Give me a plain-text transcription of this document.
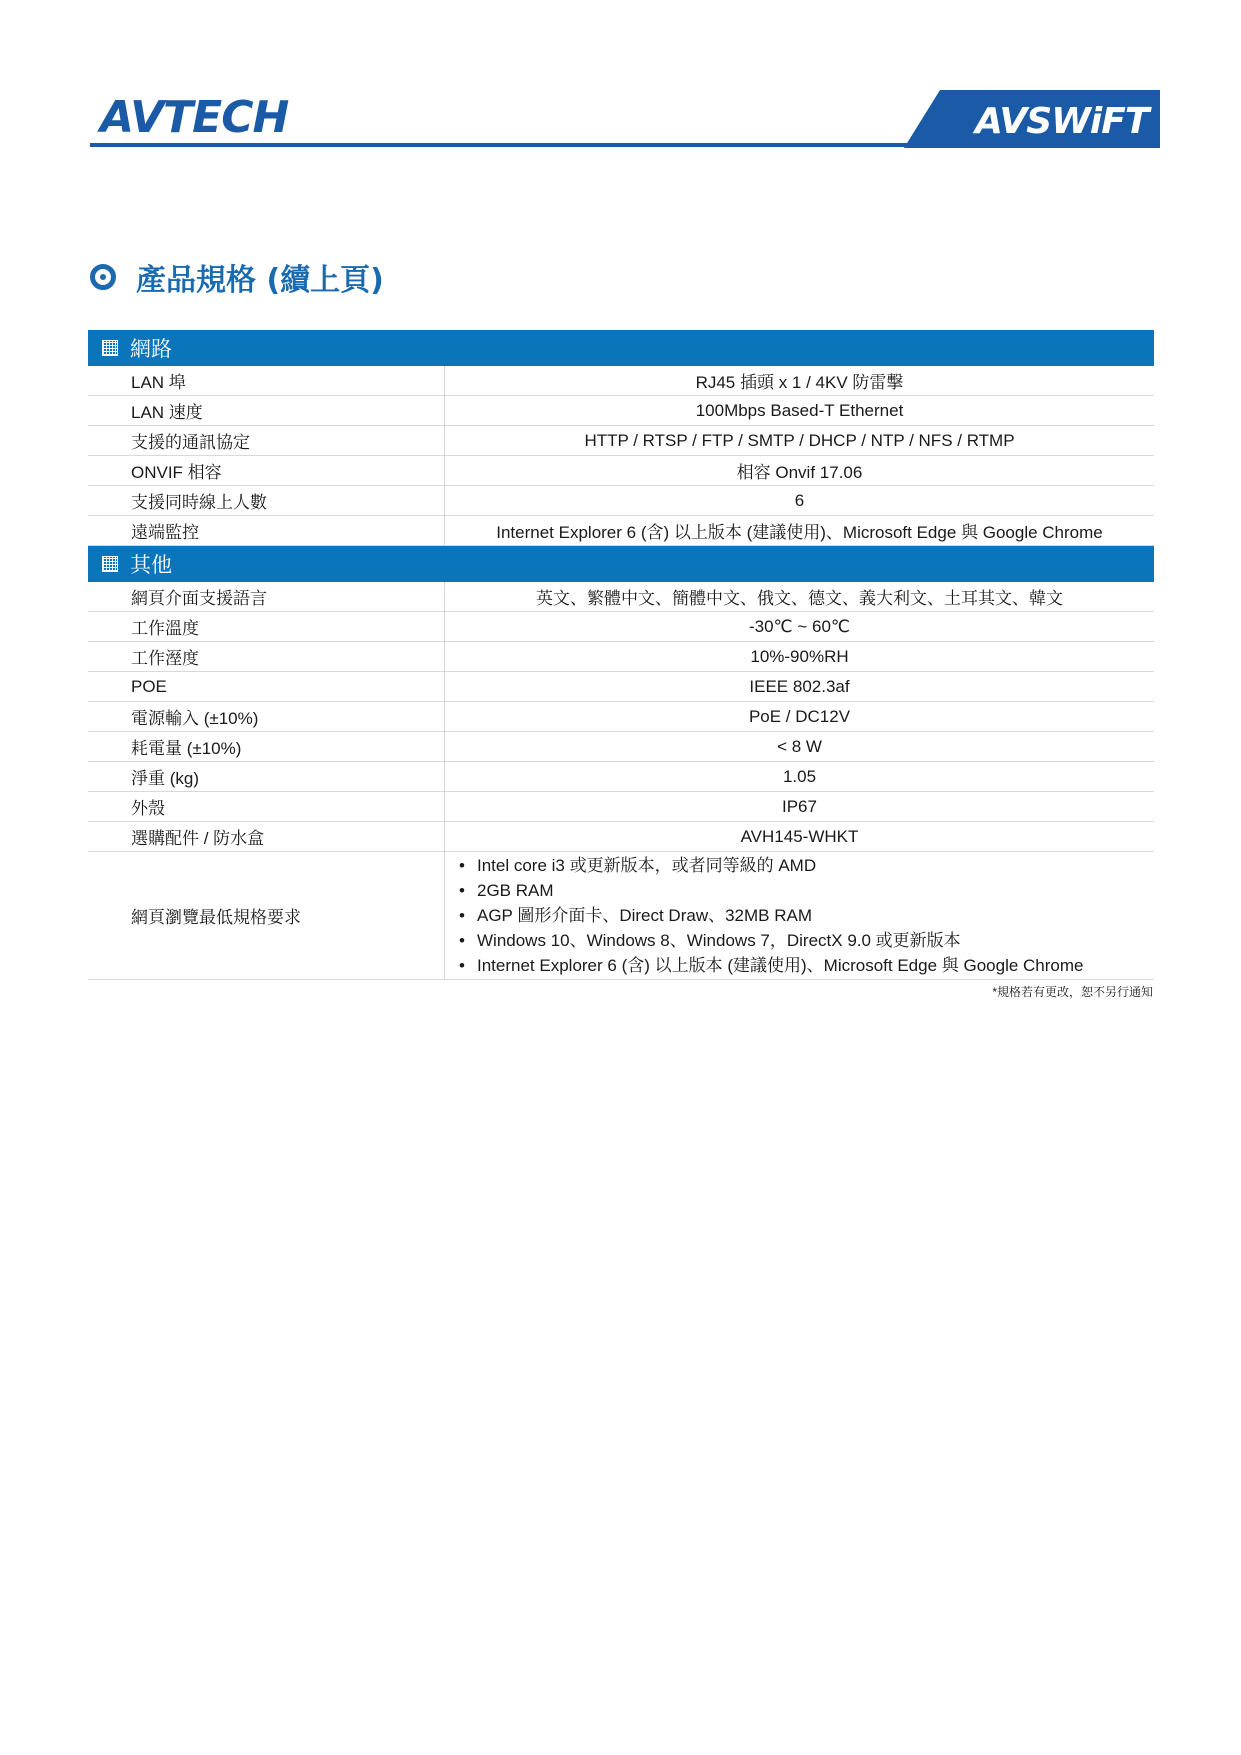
AVTECH	AVSWiFT
產品規格 (續上頁)
網路
LAN 埠	RJ45 插頭 x 1 / 4KV 防雷擊
LAN 速度	100Mbps Based-T Ethernet
支援的通訊協定	HTTP / RTSP / FTP / SMTP / DHCP / NTP / NFS / RTMP
ONVIF 相容	相容 Onvif 17.06
支援同時線上人數	6
遠端監控	Internet Explorer 6 (含) 以上版本 (建議使用)、Microsoft Edge 與 Google Chrome
其他
網頁介面支援語言	英文、繁體中文、簡體中文、俄文、德文、義大利文、土耳其文、韓文
工作溫度	-30℃ ~ 60℃
工作溼度	10%-90%RH
POE	IEEE 802.3af
電源輸入 (±10%)	PoE / DC12V
耗電量 (±10%)	< 8 W
淨重 (kg)	1.05
外殼	IP67
選購配件 / 防水盒	AVH145-WHKT
網頁瀏覽最低規格要求
• Intel core i3 或更新版本，或者同等級的 AMD
• 2GB RAM
• AGP 圖形介面卡、Direct Draw、32MB RAM
• Windows 10、Windows 8、Windows 7，DirectX 9.0 或更新版本
• Internet Explorer 6 (含) 以上版本 (建議使用)、Microsoft Edge 與 Google Chrome
*規格若有更改，恕不另行通知
